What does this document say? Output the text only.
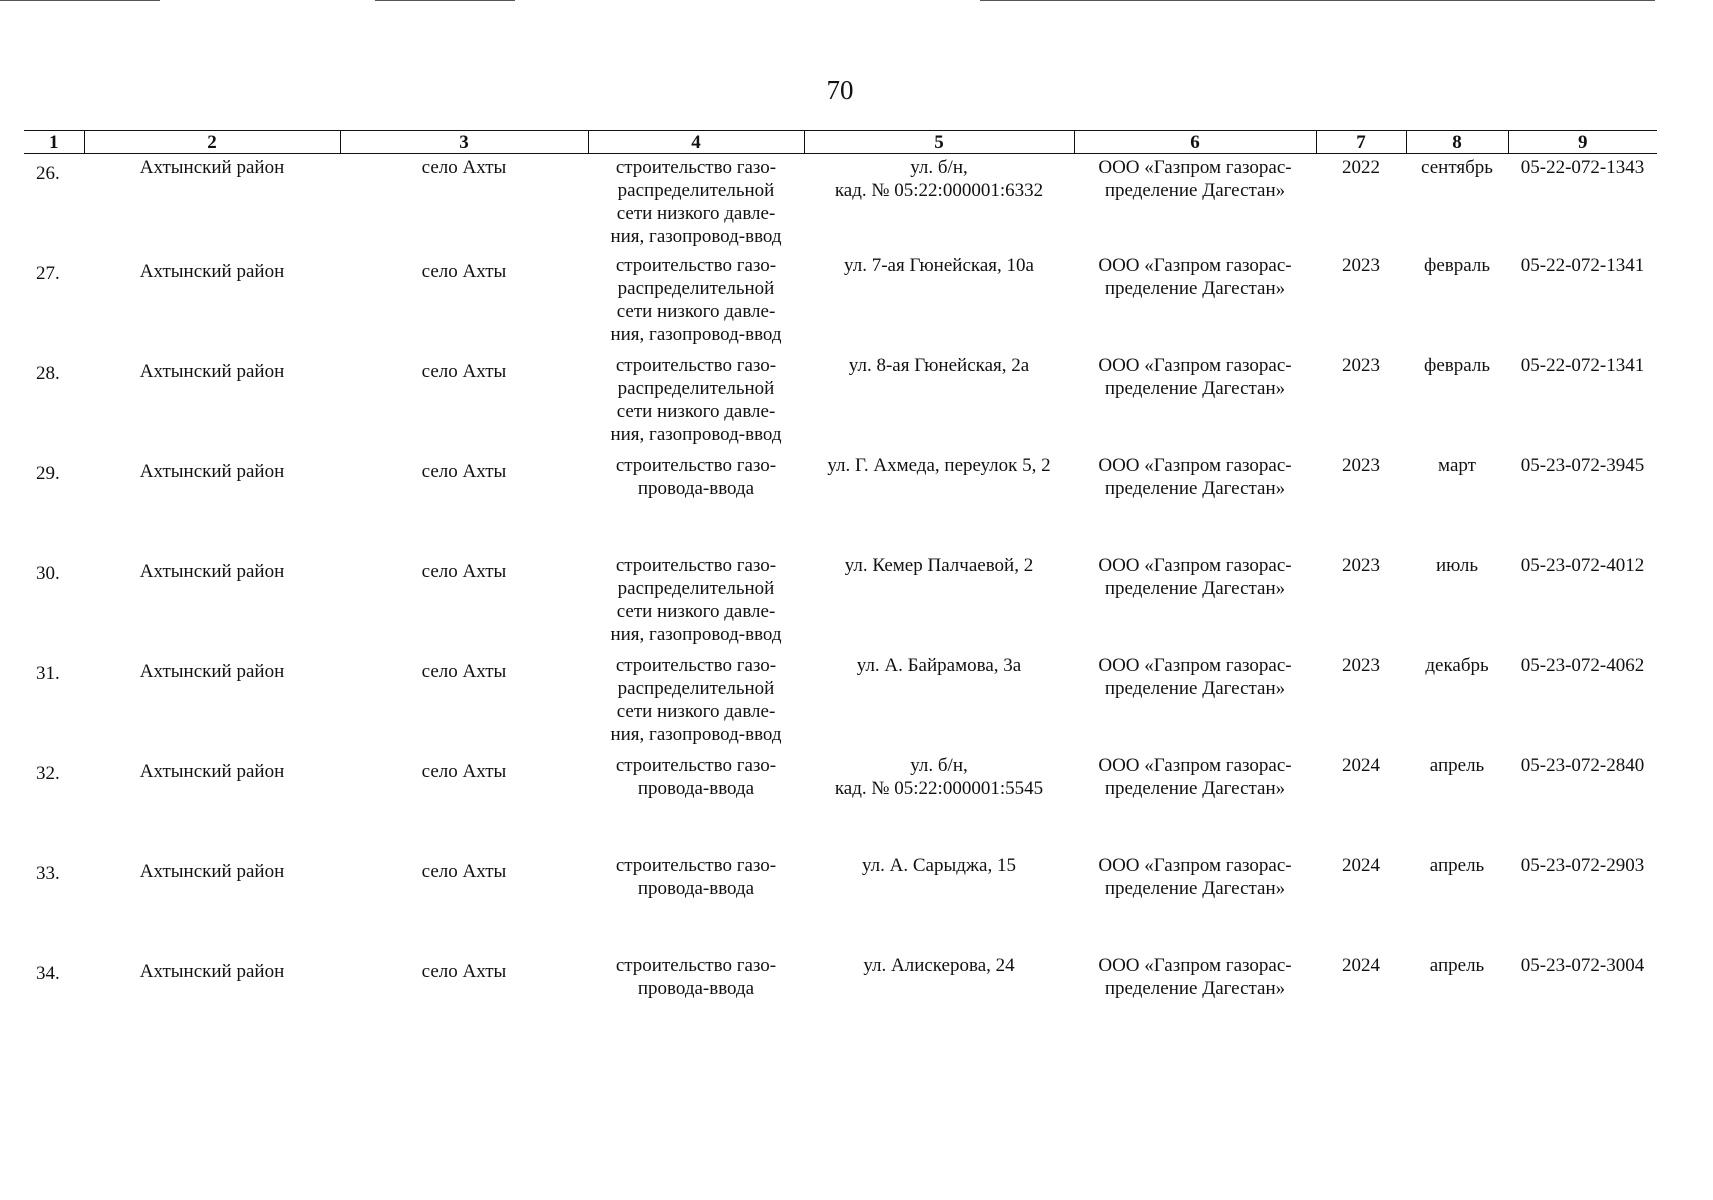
70
1	2	3	4	5	6	7	8	9
26.	Ахтынский район	село Ахты	строительство газо-
распределительной
сети низкого давле-
ния, газопровод-ввод	ул. б/н,
кад. № 05:22:000001:6332	ООО «Газпром газорас-
пределение Дагестан»	2022	сентябрь	05-22-072-1343
27.	Ахтынский район	село Ахты	строительство газо-
распределительной
сети низкого давле-
ния, газопровод-ввод	ул. 7-ая Гюнейская, 10а	ООО «Газпром газорас-
пределение Дагестан»	2023	февраль	05-22-072-1341
28.	Ахтынский район	село Ахты	строительство газо-
распределительной
сети низкого давле-
ния, газопровод-ввод	ул. 8-ая Гюнейская, 2а	ООО «Газпром газорас-
пределение Дагестан»	2023	февраль	05-22-072-1341
29.	Ахтынский район	село Ахты	строительство газо-
провода-ввода	ул. Г. Ахмеда, переулок 5, 2	ООО «Газпром газорас-
пределение Дагестан»	2023	март	05-23-072-3945
30.	Ахтынский район	село Ахты	строительство газо-
распределительной
сети низкого давле-
ния, газопровод-ввод	ул. Кемер Палчаевой, 2	ООО «Газпром газорас-
пределение Дагестан»	2023	июль	05-23-072-4012
31.	Ахтынский район	село Ахты	строительство газо-
распределительной
сети низкого давле-
ния, газопровод-ввод	ул. А. Байрамова, 3а	ООО «Газпром газорас-
пределение Дагестан»	2023	декабрь	05-23-072-4062
32.	Ахтынский район	село Ахты	строительство газо-
провода-ввода	ул. б/н,
кад. № 05:22:000001:5545	ООО «Газпром газорас-
пределение Дагестан»	2024	апрель	05-23-072-2840
33.	Ахтынский район	село Ахты	строительство газо-
провода-ввода	ул. А. Сарыджа, 15	ООО «Газпром газорас-
пределение Дагестан»	2024	апрель	05-23-072-2903
34.	Ахтынский район	село Ахты	строительство газо-
провода-ввода	ул. Алискерова, 24	ООО «Газпром газорас-
пределение Дагестан»	2024	апрель	05-23-072-3004
